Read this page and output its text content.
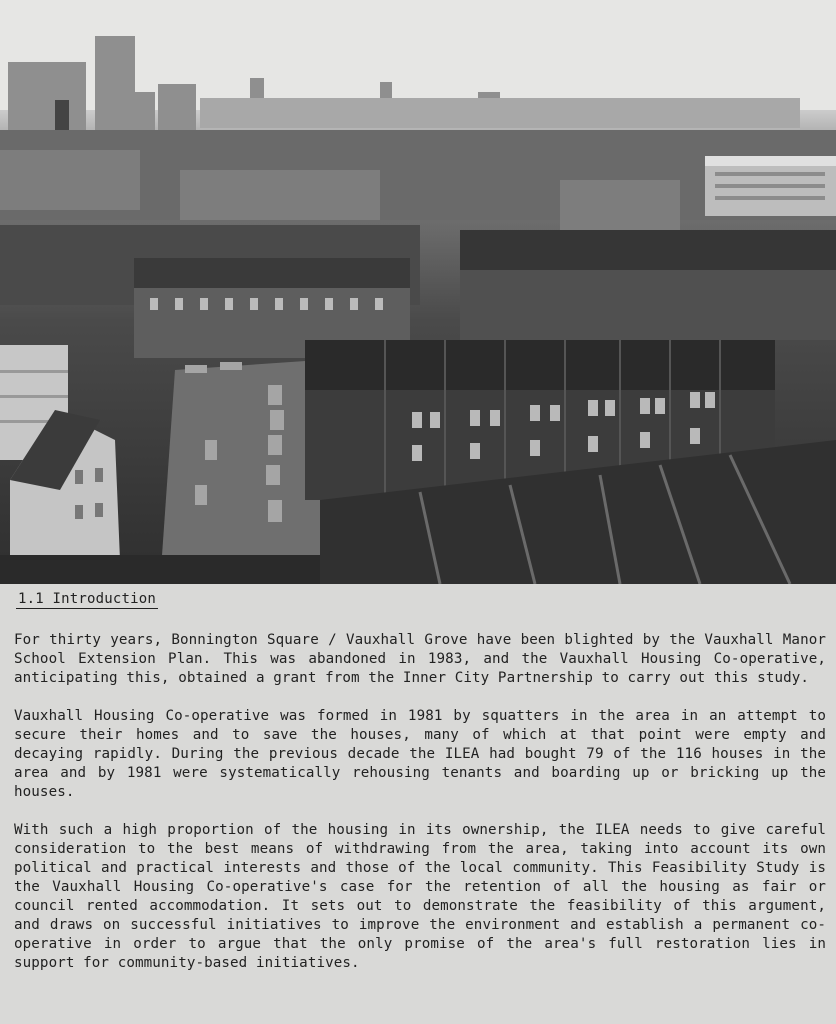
1.1 Introduction

For thirty years, Bonnington Square / Vauxhall Grove have been blighted by the Vauxhall Manor School Extension Plan. This was abandoned in 1983, and the Vauxhall Housing Co-operative, anticipating this, obtained a grant from the Inner City Partnership to carry out this study.

Vauxhall Housing Co-operative was formed in 1981 by squatters in the area in an attempt to secure their homes and to save the houses, many of which at that point were empty and decaying rapidly. During the previous decade the ILEA had bought 79 of the 116 houses in the area and by 1981 were systematically rehousing tenants and boarding up or bricking up the houses.

With such a high proportion of the housing in its ownership, the ILEA needs to give careful consideration to the best means of withdrawing from the area, taking into account its own political and practical interests and those of the local community. This Feasibility Study is the Vauxhall Housing Co-operative's case for the retention of all the housing as fair or council rented accommodation. It sets out to demonstrate the feasibility of this argument, and draws on successful initiatives to improve the environment and establish a permanent co-operative in order to argue that the only promise of the area's full restoration lies in support for community-based initiatives.
